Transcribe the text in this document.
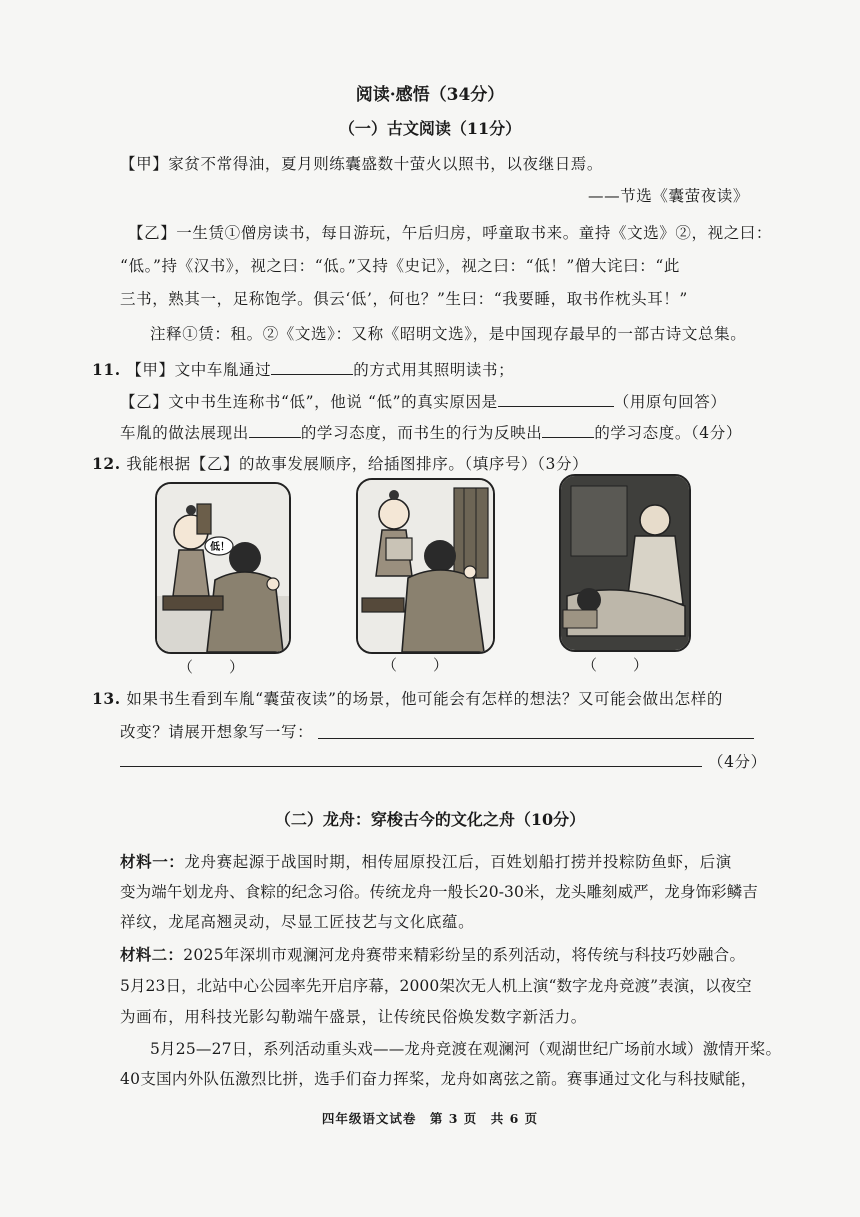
阅读·感悟（34分）
（一）古文阅读（11分）
【甲】家贫不常得油，夏月则练囊盛数十萤火以照书，以夜继日焉。
——节选《囊萤夜读》
【乙】一生赁①僧房读书，每日游玩，午后归房，呼童取书来。童持《文选》②，视之曰：
“低。”持《汉书》，视之曰：“低。”又持《史记》，视之曰：“低！”僧大诧曰：“此
三书，熟其一，足称饱学。俱云‘低’，何也？”生曰：“我要睡，取书作枕头耳！”
注释①赁：租。②《文选》：又称《昭明文选》，是中国现存最早的一部古诗文总集。
11. 【甲】文中车胤通过	的方式用其照明读书；
【乙】文中书生连称书“低”，他说 “低”的真实原因是	（用原句回答）
车胤的做法展现出	的学习态度，而书生的行为反映出	的学习态度。（4分）
12. 我能根据【乙】的故事发展顺序，给插图排序。（填序号）（3分）
低！
（　　）	（　　）	（　　）
13. 如果书生看到车胤“囊萤夜读”的场景，他可能会有怎样的想法？又可能会做出怎样的
改变？请展开想象写一写：
（4分）
（二）龙舟：穿梭古今的文化之舟（10分）
材料一：龙舟赛起源于战国时期，相传屈原投江后，百姓划船打捞并投粽防鱼虾，后演
变为端午划龙舟、食粽的纪念习俗。传统龙舟一般长20-30米，龙头雕刻威严，龙身饰彩鳞吉
祥纹，龙尾高翘灵动，尽显工匠技艺与文化底蕴。
材料二：2025年深圳市观澜河龙舟赛带来精彩纷呈的系列活动，将传统与科技巧妙融合。
5月23日，北站中心公园率先开启序幕，2000架次无人机上演“数字龙舟竞渡”表演，以夜空
为画布，用科技光影勾勒端午盛景，让传统民俗焕发数字新活力。
5月25—27日，系列活动重头戏——龙舟竞渡在观澜河（观湖世纪广场前水域）激情开桨。
40支国内外队伍激烈比拼，选手们奋力挥桨，龙舟如离弦之箭。赛事通过文化与科技赋能，
四年级语文试卷　第 3 页　共 6 页
